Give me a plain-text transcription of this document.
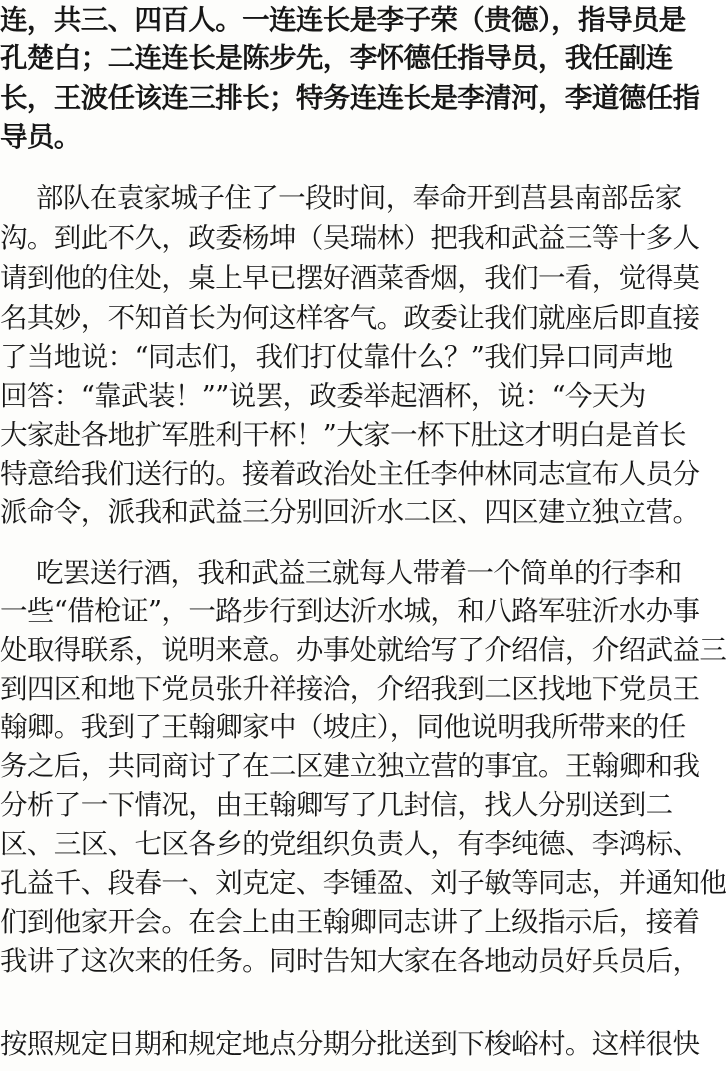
连，共三、四百人。一连连长是李子荣（贵德），指导员是
孔楚白；二连连长是陈步先，李怀德任指导员，我任副连
长，王波任该连三排长；特务连连长是李清河，李道德任指
导员。
部队在袁家城子住了一段时间，奉命开到莒县南部岳家
沟。到此不久，政委杨坤（吴瑞林）把我和武益三等十多人
请到他的住处，桌上早已摆好酒菜香烟，我们一看，觉得莫
名其妙，不知首长为何这样客气。政委让我们就座后即直接
了当地说：“同志们，我们打仗靠什么？”我们异口同声地
回答：“靠武装！””说罢，政委举起酒杯，说：“今天为
大家赴各地扩军胜利干杯！”大家一杯下肚这才明白是首长
特意给我们送行的。接着政治处主任李仲林同志宣布人员分
派命令，派我和武益三分别回沂水二区、四区建立独立营。
吃罢送行酒，我和武益三就每人带着一个简单的行李和
一些“借枪证”，一路步行到达沂水城，和八路军驻沂水办事
处取得联系，说明来意。办事处就给写了介绍信，介绍武益三
到四区和地下党员张升祥接洽，介绍我到二区找地下党员王
翰卿。我到了王翰卿家中（坡庄），同他说明我所带来的任
务之后，共同商讨了在二区建立独立营的事宜。王翰卿和我
分析了一下情况，由王翰卿写了几封信，找人分别送到二
区、三区、七区各乡的党组织负责人，有李纯德、李鸿标、
孔益千、段春一、刘克定、李锺盈、刘子敏等同志，并通知他
们到他家开会。在会上由王翰卿同志讲了上级指示后，接着
我讲了这次来的任务。同时告知大家在各地动员好兵员后，
按照规定日期和规定地点分期分批送到下梭峪村。这样很快
